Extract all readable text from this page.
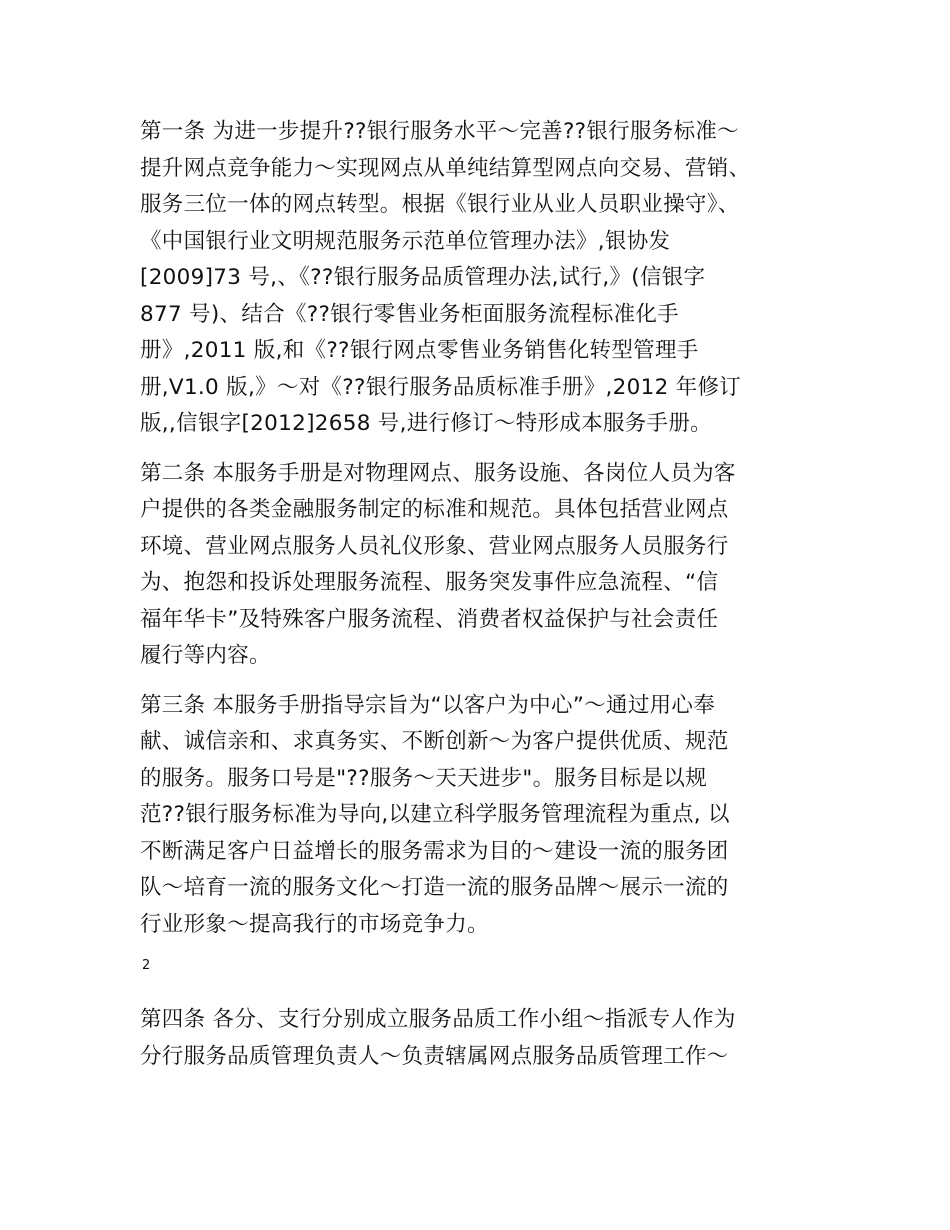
第一条 为进一步提升??银行服务水平～完善??银行服务标准～
提升网点竞争能力～实现网点从单纯结算型网点向交易、营销、
服务三位一体的网点转型。根据《银行业从业人员职业操守》、
《中国银行业文明规范服务示范单位管理办法》,银协发
[2009]73 号,、《??银行服务品质管理办法,试行,》(信银字
877 号)、结合《??银行零售业务柜面服务流程标准化手
册》,2011 版,和《??银行网点零售业务销售化转型管理手
册,V1.0 版,》～对《??银行服务品质标准手册》,2012 年修订
版,,信银字[2012]2658 号,进行修订～特形成本服务手册。
第二条 本服务手册是对物理网点、服务设施、各岗位人员为客
户提供的各类金融服务制定的标准和规范。具体包括营业网点
环境、营业网点服务人员礼仪形象、营业网点服务人员服务行
为、抱怨和投诉处理服务流程、服务突发事件应急流程、“信
福年华卡”及特殊客户服务流程、消费者权益保护与社会责任
履行等内容。
第三条 本服务手册指导宗旨为“以客户为中心”～通过用心奉
献、诚信亲和、求真务实、不断创新～为客户提供优质、规范
的服务。服务口号是"??服务～天天进步"。服务目标是以规
范??银行服务标准为导向,以建立科学服务管理流程为重点, 以
不断满足客户日益增长的服务需求为目的～建设一流的服务团
队～培育一流的服务文化～打造一流的服务品牌～展示一流的
行业形象～提高我行的市场竞争力。
2
第四条 各分、支行分别成立服务品质工作小组～指派专人作为
分行服务品质管理负责人～负责辖属网点服务品质管理工作～
